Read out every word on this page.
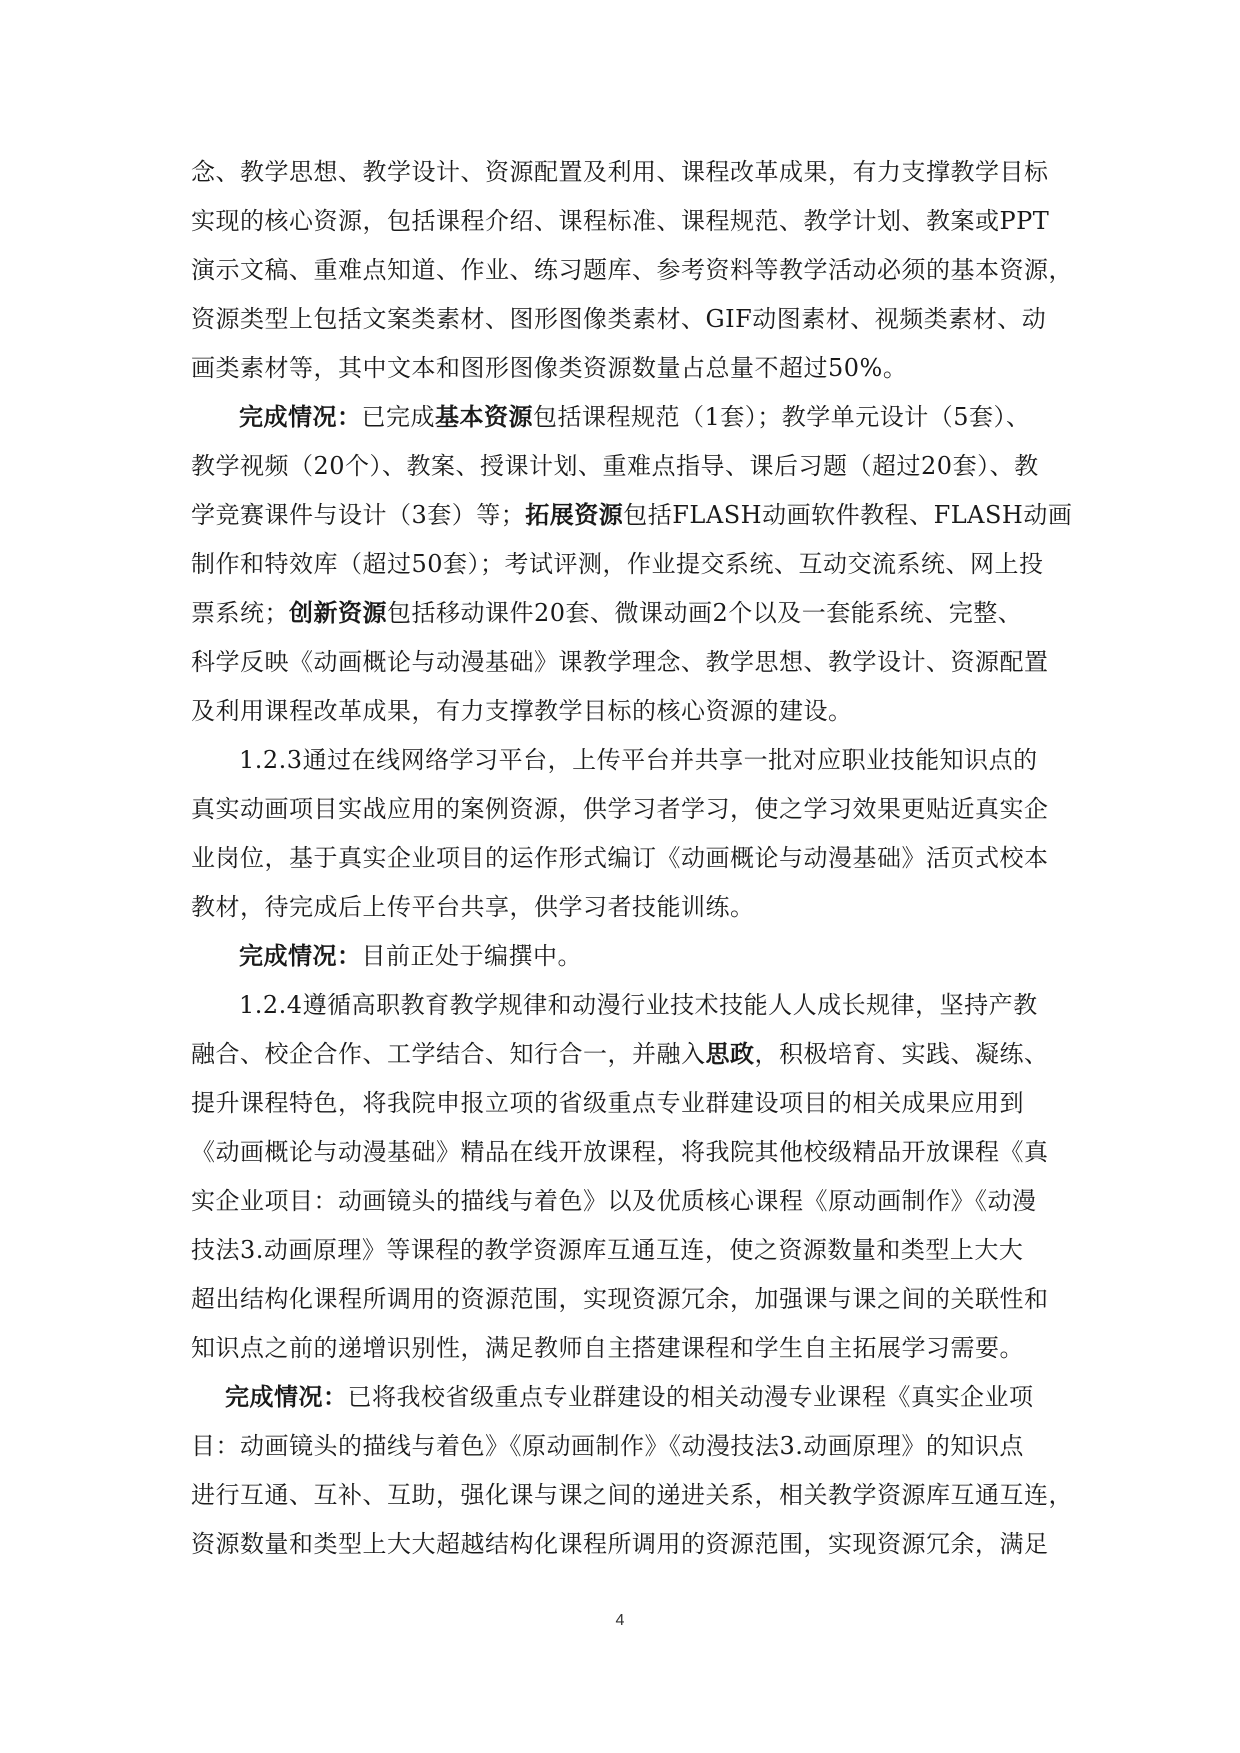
念、教学思想、教学设计、资源配置及利用、课程改革成果，有力支撑教学目标
实现的核心资源，包括课程介绍、课程标准、课程规范、教学计划、教案或PPT
演示文稿、重难点知道、作业、练习题库、参考资料等教学活动必须的基本资源，
资源类型上包括文案类素材、图形图像类素材、GIF动图素材、视频类素材、动
画类素材等，其中文本和图形图像类资源数量占总量不超过50%。
完成情况：已完成基本资源包括课程规范（1套）；教学单元设计（5套）、
教学视频（20个）、教案、授课计划、重难点指导、课后习题（超过20套）、教
学竞赛课件与设计（3套）等；拓展资源包括FLASH动画软件教程、FLASH动画
制作和特效库（超过50套）；考试评测，作业提交系统、互动交流系统、网上投
票系统；创新资源包括移动课件20套、微课动画2个以及一套能系统、完整、
科学反映《动画概论与动漫基础》课教学理念、教学思想、教学设计、资源配置
及利用课程改革成果，有力支撑教学目标的核心资源的建设。
1.2.3通过在线网络学习平台，上传平台并共享一批对应职业技能知识点的
真实动画项目实战应用的案例资源，供学习者学习，使之学习效果更贴近真实企
业岗位，基于真实企业项目的运作形式编订《动画概论与动漫基础》活页式校本
教材，待完成后上传平台共享，供学习者技能训练。
完成情况：目前正处于编撰中。
1.2.4遵循高职教育教学规律和动漫行业技术技能人人成长规律，坚持产教
融合、校企合作、工学结合、知行合一，并融入思政，积极培育、实践、凝练、
提升课程特色，将我院申报立项的省级重点专业群建设项目的相关成果应用到
《动画概论与动漫基础》精品在线开放课程，将我院其他校级精品开放课程《真
实企业项目：动画镜头的描线与着色》以及优质核心课程《原动画制作》《动漫
技法3.动画原理》等课程的教学资源库互通互连，使之资源数量和类型上大大
超出结构化课程所调用的资源范围，实现资源冗余，加强课与课之间的关联性和
知识点之前的递增识别性，满足教师自主搭建课程和学生自主拓展学习需要。
完成情况：已将我校省级重点专业群建设的相关动漫专业课程《真实企业项
目：动画镜头的描线与着色》《原动画制作》《动漫技法3.动画原理》的知识点
进行互通、互补、互助，强化课与课之间的递进关系，相关教学资源库互通互连，
资源数量和类型上大大超越结构化课程所调用的资源范围，实现资源冗余，满足
4
